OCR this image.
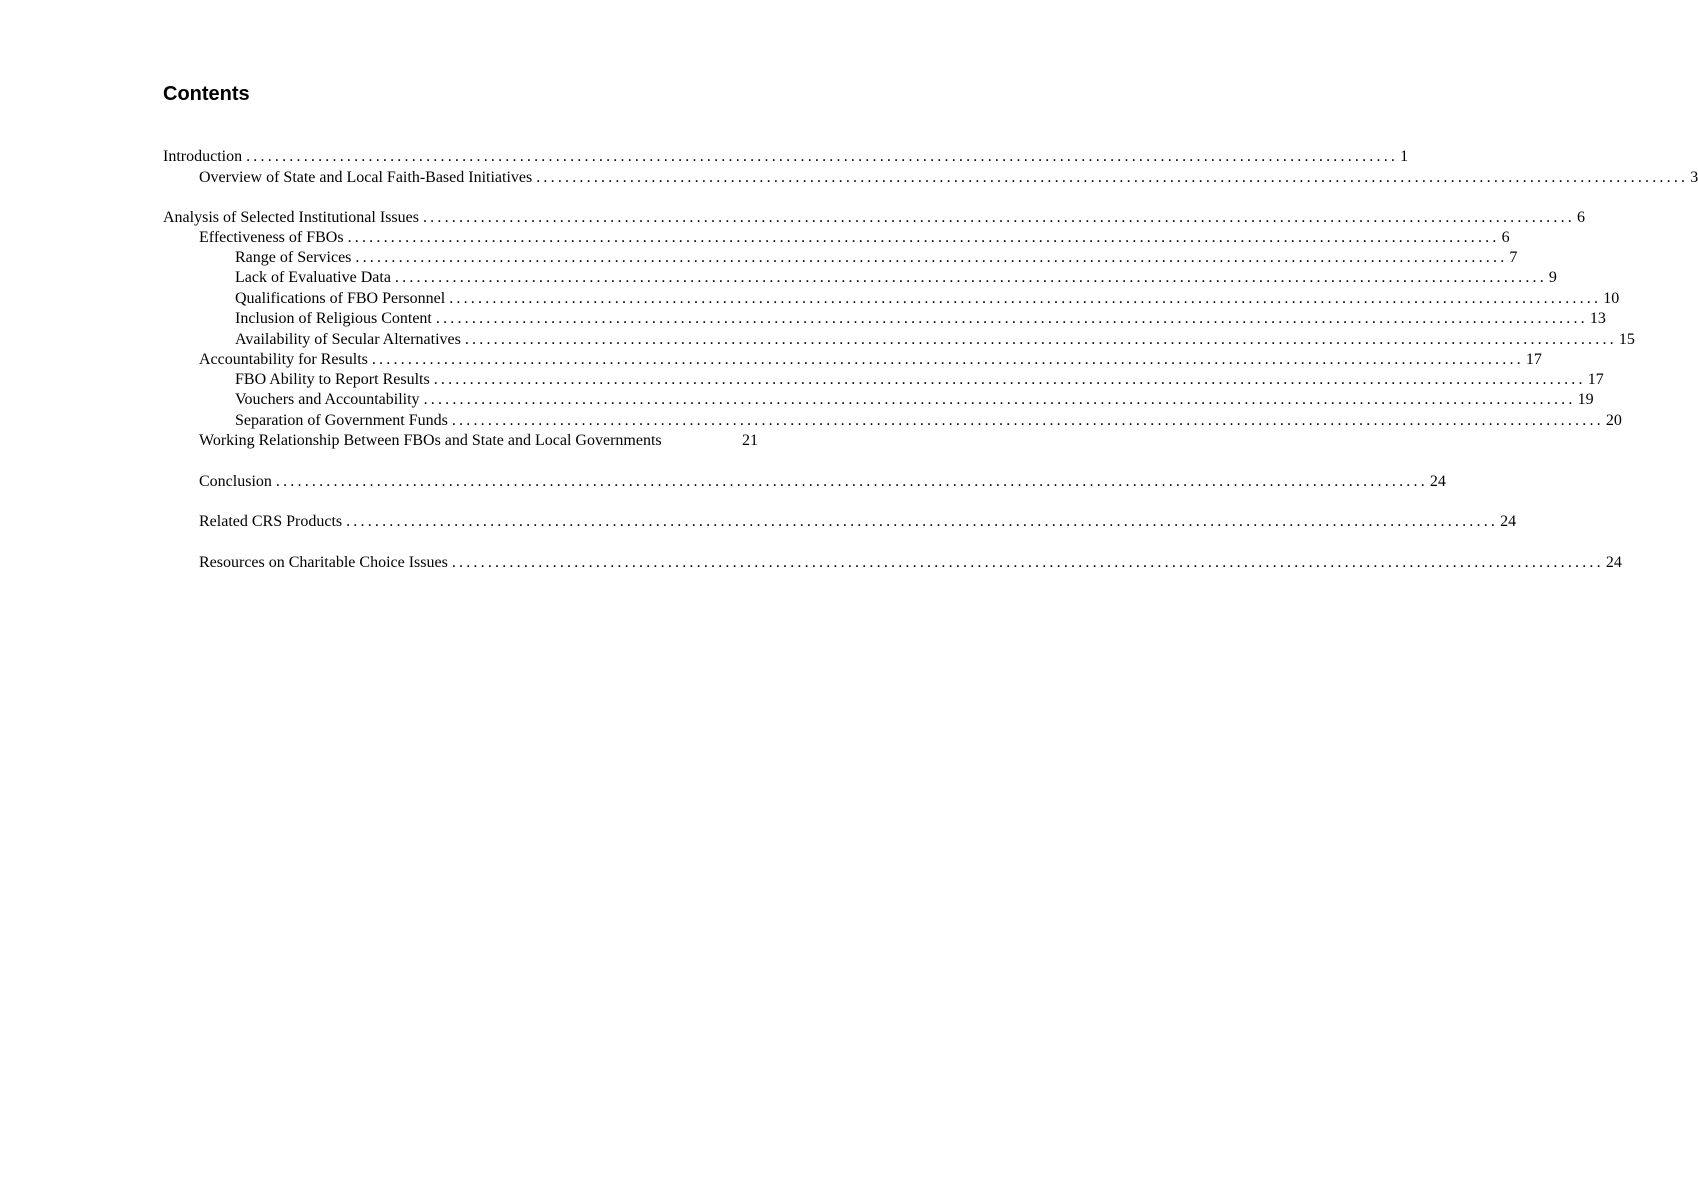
Contents
Introduction ................................................................................................................................................................ 1
Overview of State and Local Faith-Based Initiatives ................................................................................................................................................................ 3
Analysis of Selected Institutional Issues ................................................................................................................................................................ 6
Effectiveness of FBOs ................................................................................................................................................................ 6
Range of Services ................................................................................................................................................................ 7
Lack of Evaluative Data ................................................................................................................................................................ 9
Qualifications of FBO Personnel ................................................................................................................................................................ 10
Inclusion of Religious Content ................................................................................................................................................................ 13
Availability of Secular Alternatives ................................................................................................................................................................ 15
Accountability for Results ................................................................................................................................................................ 17
FBO Ability to Report Results ................................................................................................................................................................ 17
Vouchers and Accountability ................................................................................................................................................................ 19
Separation of Government Funds ................................................................................................................................................................ 20
Working Relationship Between FBOs and State and Local Governments	21
Conclusion ................................................................................................................................................................ 24
Related CRS Products ................................................................................................................................................................ 24
Resources on Charitable Choice Issues ................................................................................................................................................................ 24
